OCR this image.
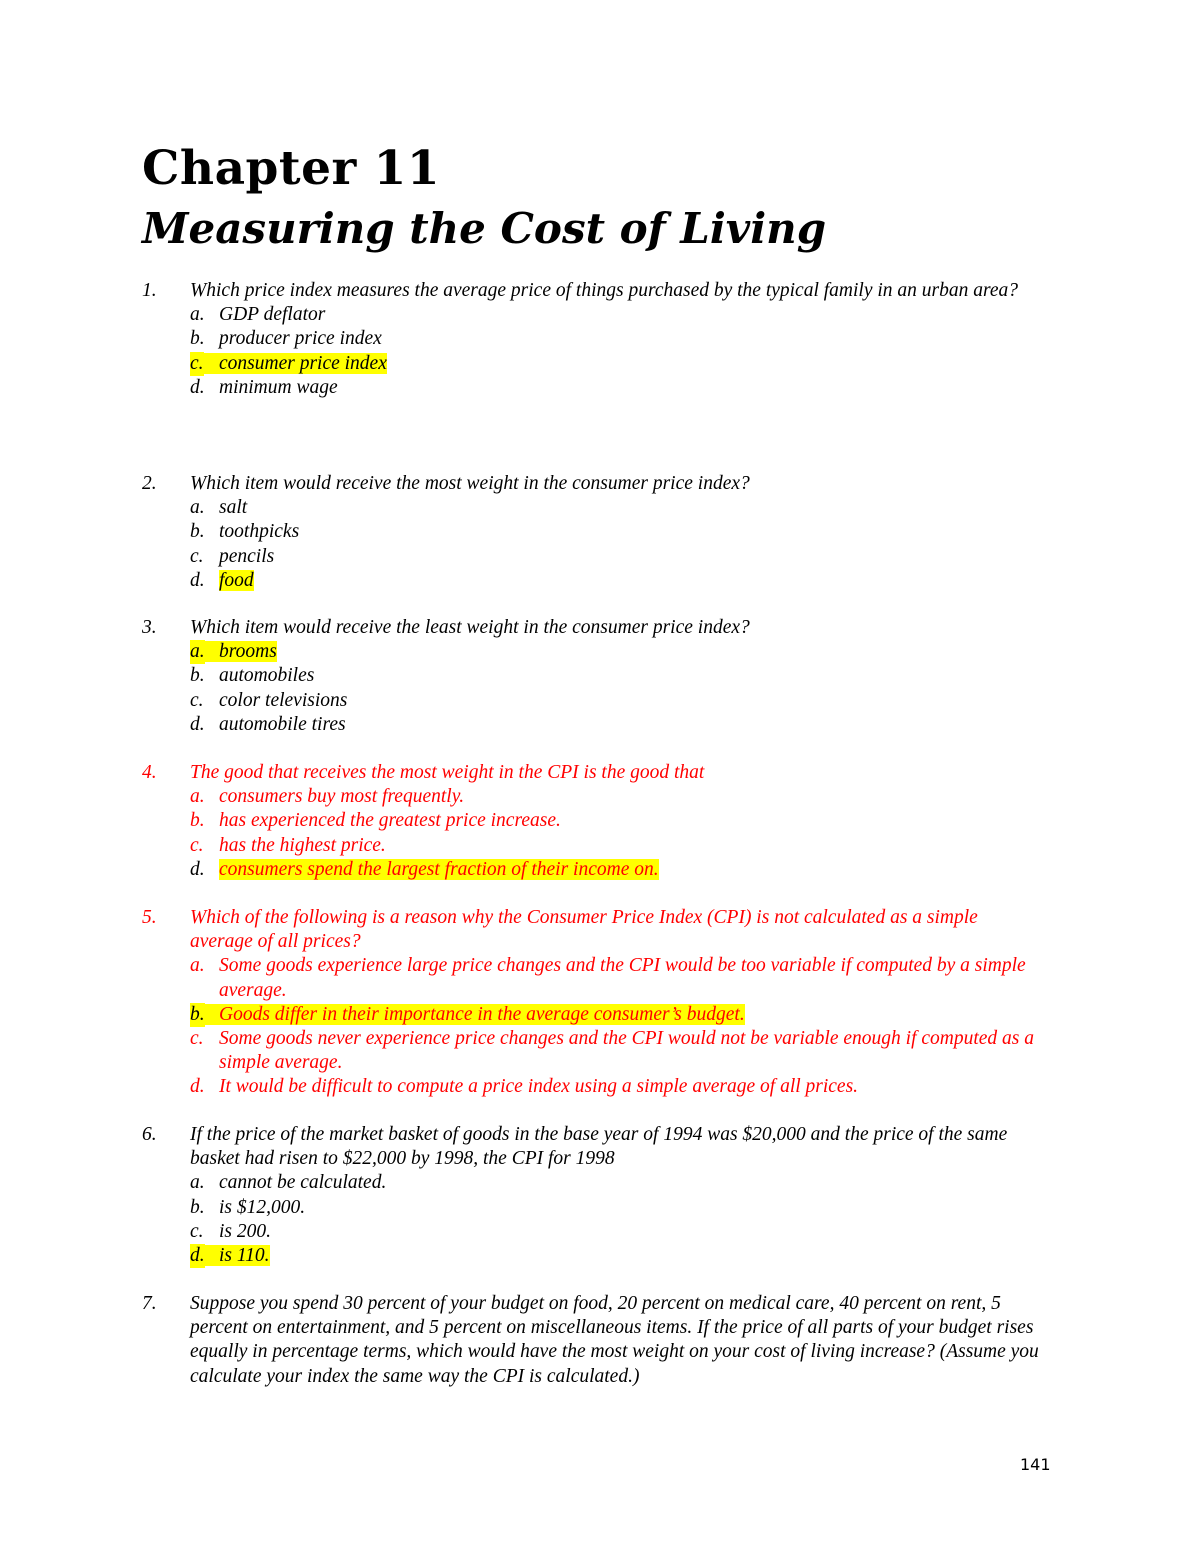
Chapter 11
Measuring the Cost of Living
1. Which price index measures the average price of things purchased by the typical family in an urban area?
a. GDP deflator
b. producer price index
c. consumer price index
d. minimum wage
2. Which item would receive the most weight in the consumer price index?
a. salt
b. toothpicks
c. pencils
d. food
3. Which item would receive the least weight in the consumer price index?
a. brooms
b. automobiles
c. color televisions
d. automobile tires
4. The good that receives the most weight in the CPI is the good that
a. consumers buy most frequently.
b. has experienced the greatest price increase.
c. has the highest price.
d. consumers spend the largest fraction of their income on.
5. Which of the following is a reason why the Consumer Price Index (CPI) is not calculated as a simple average of all prices?
a. Some goods experience large price changes and the CPI would be too variable if computed by a simple average.
b. Goods differ in their importance in the average consumer’s budget.
c. Some goods never experience price changes and the CPI would not be variable enough if computed as a simple average.
d. It would be difficult to compute a price index using a simple average of all prices.
6. If the price of the market basket of goods in the base year of 1994 was $20,000 and the price of the same basket had risen to $22,000 by 1998, the CPI for 1998
a. cannot be calculated.
b. is $12,000.
c. is 200.
d. is 110.
7. Suppose you spend 30 percent of your budget on food, 20 percent on medical care, 40 percent on rent, 5 percent on entertainment, and 5 percent on miscellaneous items. If the price of all parts of your budget rises equally in percentage terms, which would have the most weight on your cost of living increase? (Assume you calculate your index the same way the CPI is calculated.)
141
